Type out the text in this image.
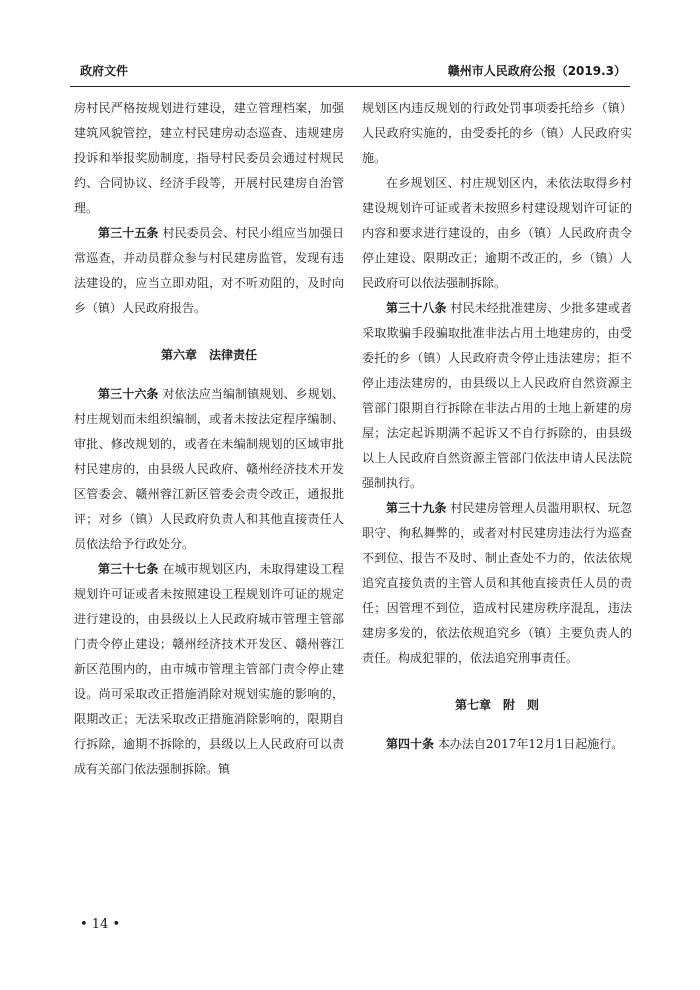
政府文件	赣州市人民政府公报（2019.3）

房村民严格按规划进行建设，建立管理档案，加强建筑风貌管控，建立村民建房动态巡查、违规建房投诉和举报奖励制度，指导村民委员会通过村规民约、合同协议、经济手段等，开展村民建房自治管理。

第三十五条 村民委员会、村民小组应当加强日常巡查，并动员群众参与村民建房监管，发现有违法建设的，应当立即劝阻，对不听劝阻的，及时向乡（镇）人民政府报告。

第六章　法律责任

第三十六条 对依法应当编制镇规划、乡规划、村庄规划而未组织编制，或者未按法定程序编制、审批、修改规划的，或者在未编制规划的区域审批村民建房的，由县级人民政府、赣州经济技术开发区管委会、赣州蓉江新区管委会责令改正，通报批评；对乡（镇）人民政府负责人和其他直接责任人员依法给予行政处分。

第三十七条 在城市规划区内，未取得建设工程规划许可证或者未按照建设工程规划许可证的规定进行建设的，由县级以上人民政府城市管理主管部门责令停止建设；赣州经济技术开发区、赣州蓉江新区范围内的，由市城市管理主管部门责令停止建设。尚可采取改正措施消除对规划实施的影响的，限期改正；无法采取改正措施消除影响的，限期自行拆除，逾期不拆除的，县级以上人民政府可以责成有关部门依法强制拆除。镇

规划区内违反规划的行政处罚事项委托给乡（镇）人民政府实施的，由受委托的乡（镇）人民政府实施。

在乡规划区、村庄规划区内，未依法取得乡村建设规划许可证或者未按照乡村建设规划许可证的内容和要求进行建设的，由乡（镇）人民政府责令停止建设、限期改正；逾期不改正的，乡（镇）人民政府可以依法强制拆除。

第三十八条 村民未经批准建房、少批多建或者采取欺骗手段骗取批准非法占用土地建房的，由受委托的乡（镇）人民政府责令停止违法建房；拒不停止违法建房的，由县级以上人民政府自然资源主管部门限期自行拆除在非法占用的土地上新建的房屋；法定起诉期满不起诉又不自行拆除的，由县级以上人民政府自然资源主管部门依法申请人民法院强制执行。

第三十九条 村民建房管理人员滥用职权、玩忽职守、徇私舞弊的，或者对村民建房违法行为巡查不到位、报告不及时、制止查处不力的，依法依规追究直接负责的主管人员和其他直接责任人员的责任；因管理不到位，造成村民建房秩序混乱，违法建房多发的，依法依规追究乡（镇）主要负责人的责任。构成犯罪的，依法追究刑事责任。

第七章　附　则

第四十条 本办法自2017年12月1日起施行。

• 14 •
